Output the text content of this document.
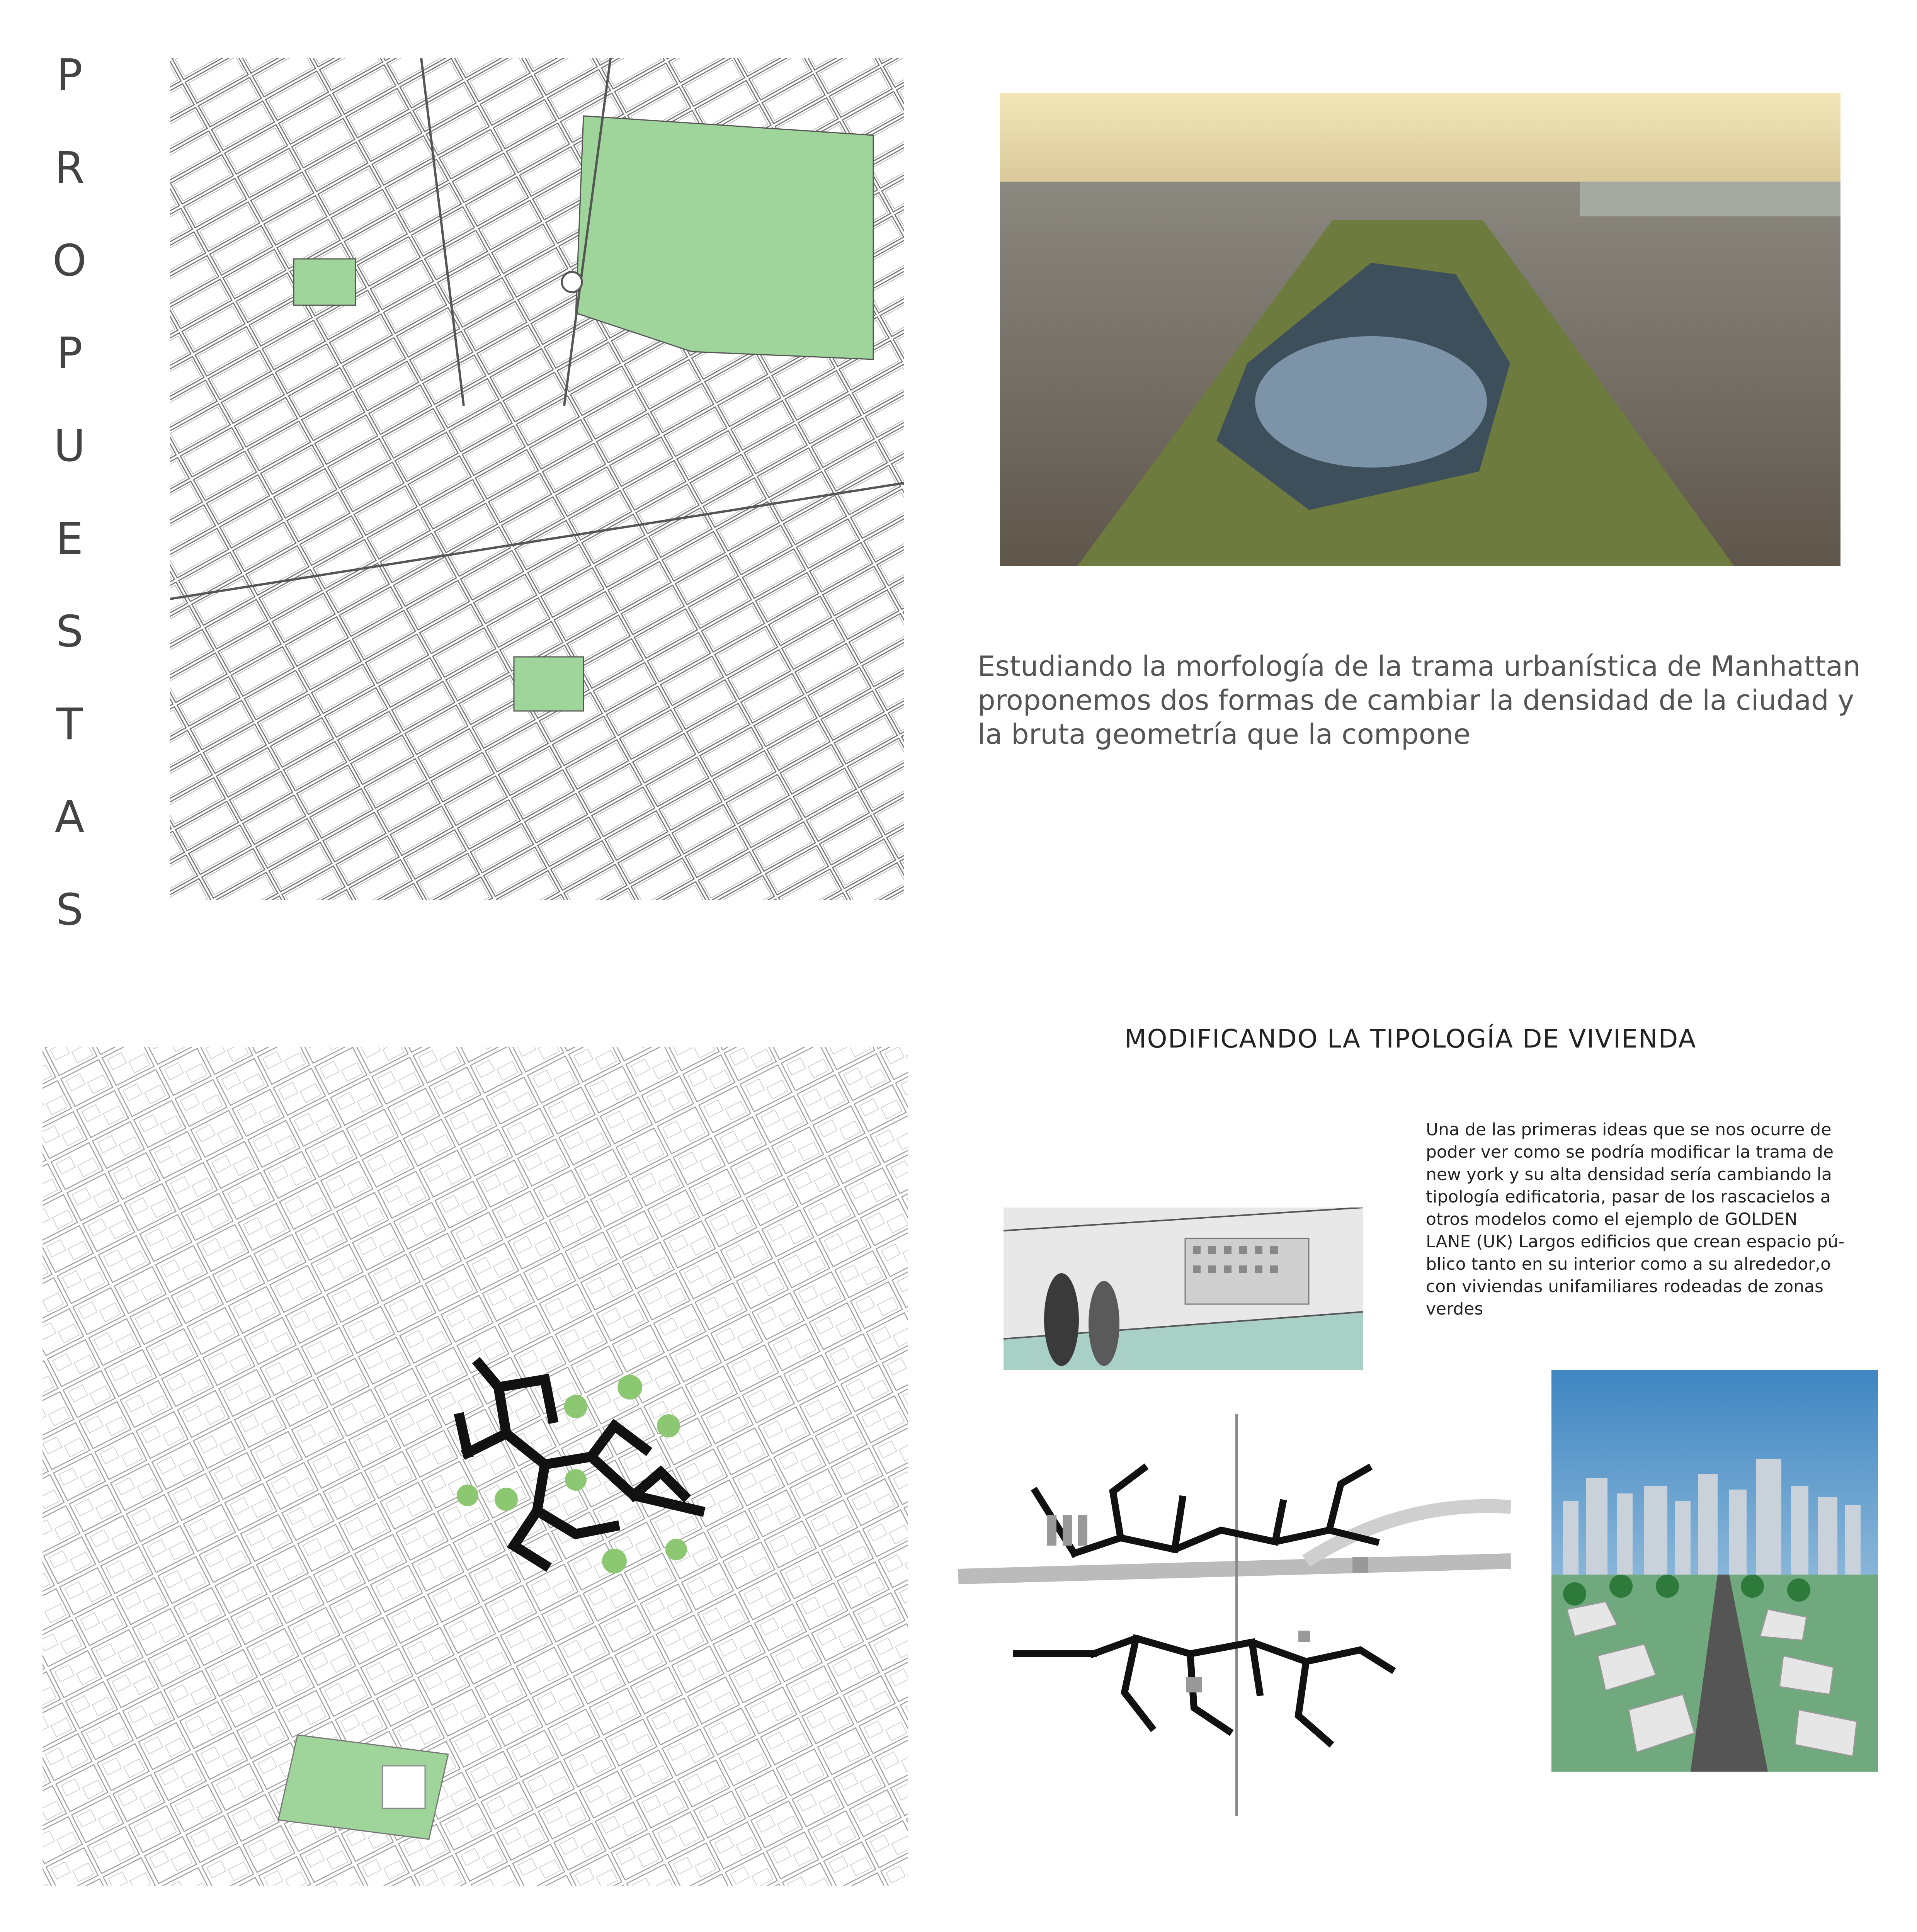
P
R
O
P
U
E
S
T
A
S
Estudiando la morfología de la trama urbanística de Manhattan
proponemos dos formas de cambiar la densidad de la ciudad y
la bruta geometría que la compone
MODIFICANDO LA TIPOLOGÍA DE VIVIENDA
Una de las primeras ideas que se nos ocurre de
poder ver como se podría modificar la trama de
new york y su alta densidad sería cambiando la
tipología edificatoria, pasar de los rascacielos a
otros modelos como el ejemplo de GOLDEN
LANE (UK) Largos edificios que crean espacio pú-
blico tanto en su interior como a su alrededor,o
con viviendas unifamiliares rodeadas de zonas
verdes
